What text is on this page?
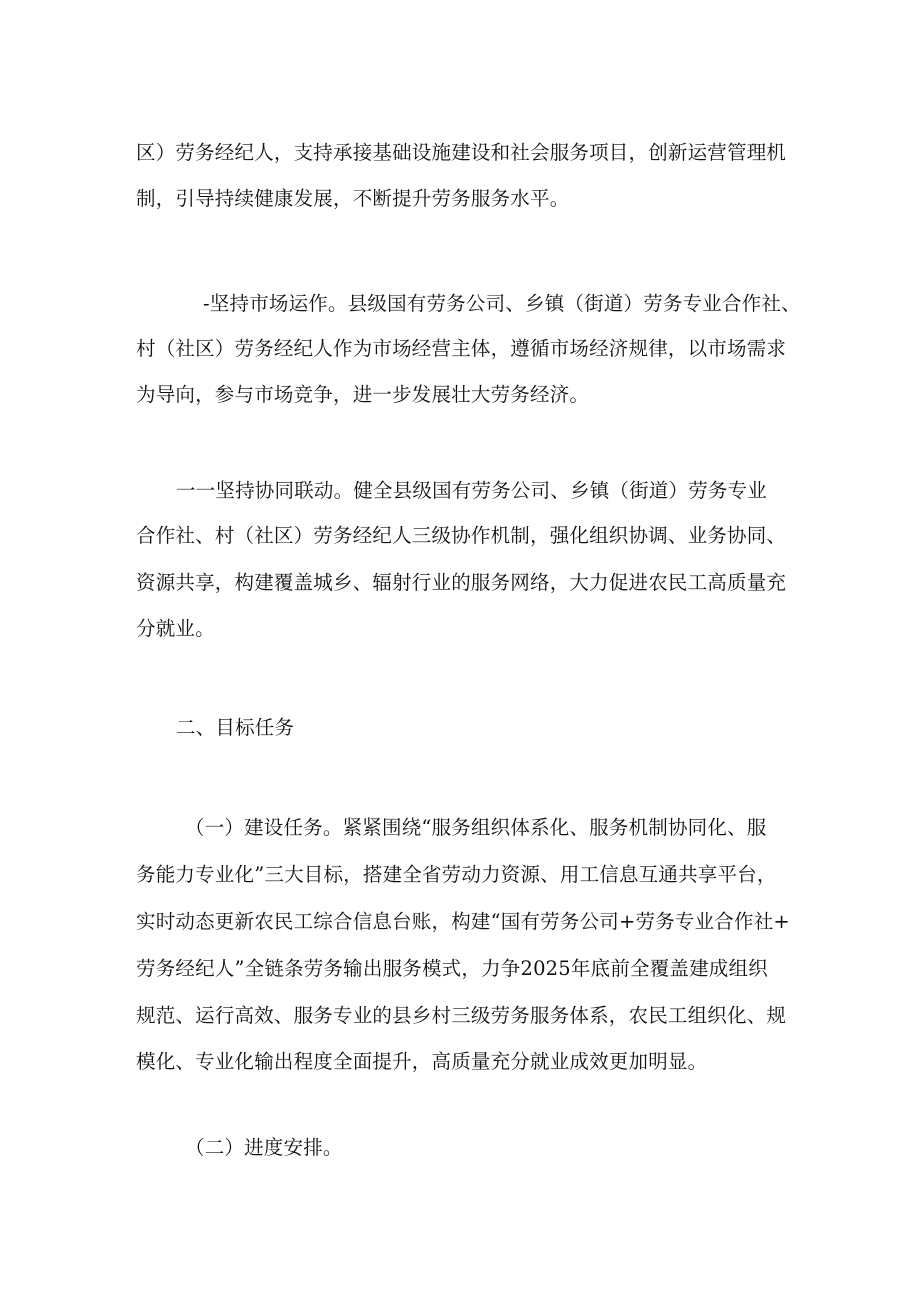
区）劳务经纪人，支持承接基础设施建设和社会服务项目，创新运营管理机
制，引导持续健康发展，不断提升劳务服务水平。
-坚持市场运作。县级国有劳务公司、乡镇（街道）劳务专业合作社、
村（社区）劳务经纪人作为市场经营主体，遵循市场经济规律，以市场需求
为导向，参与市场竞争，进一步发展壮大劳务经济。
一一坚持协同联动。健全县级国有劳务公司、乡镇（街道）劳务专业
合作社、村（社区）劳务经纪人三级协作机制，强化组织协调、业务协同、
资源共享，构建覆盖城乡、辐射行业的服务网络，大力促进农民工高质量充
分就业。
二、目标任务
（一）建设任务。紧紧围绕“服务组织体系化、服务机制协同化、服
务能力专业化”三大目标，搭建全省劳动力资源、用工信息互通共享平台，
实时动态更新农民工综合信息台账，构建“国有劳务公司+劳务专业合作社+
劳务经纪人”全链条劳务输出服务模式，力争2025年底前全覆盖建成组织
规范、运行高效、服务专业的县乡村三级劳务服务体系，农民工组织化、规
模化、专业化输出程度全面提升，高质量充分就业成效更加明显。
（二）进度安排。
